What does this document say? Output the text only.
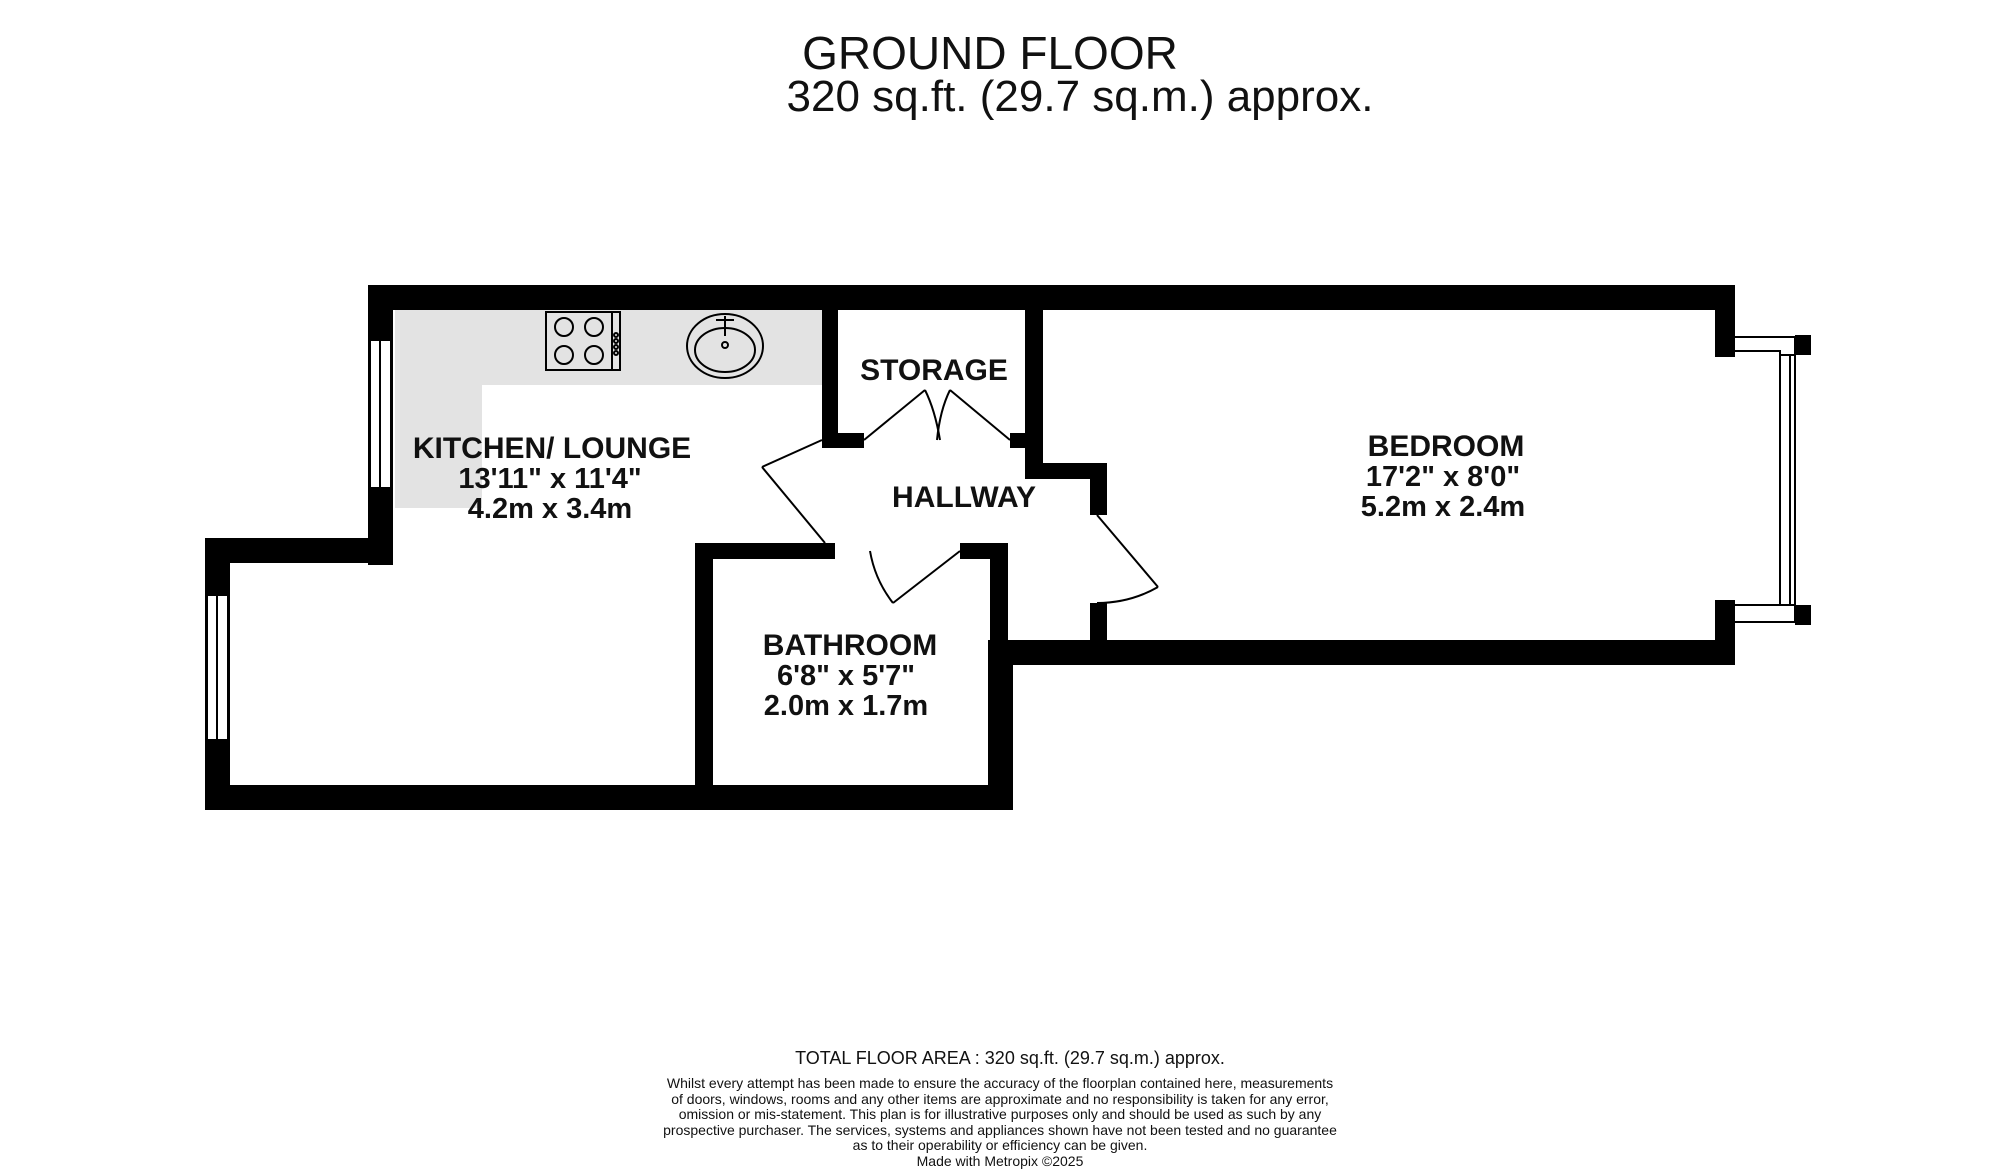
GROUND FLOOR
320 sq.ft. (29.7 sq.m.) approx.
KITCHEN/ LOUNGE
13'11" x 11'4"
4.2m x 3.4m
STORAGE
HALLWAY
BEDROOM
17'2" x 8'0"
5.2m x 2.4m
BATHROOM
6'8" x 5'7"
2.0m x 1.7m
TOTAL FLOOR AREA : 320 sq.ft. (29.7 sq.m.) approx.
Whilst every attempt has been made to ensure the accuracy of the floorplan contained here, measurements
of doors, windows, rooms and any other items are approximate and no responsibility is taken for any error,
omission or mis-statement. This plan is for illustrative purposes only and should be used as such by any
prospective purchaser. The services, systems and appliances shown have not been tested and no guarantee
as to their operability or efficiency can be given.
Made with Metropix ©2025
